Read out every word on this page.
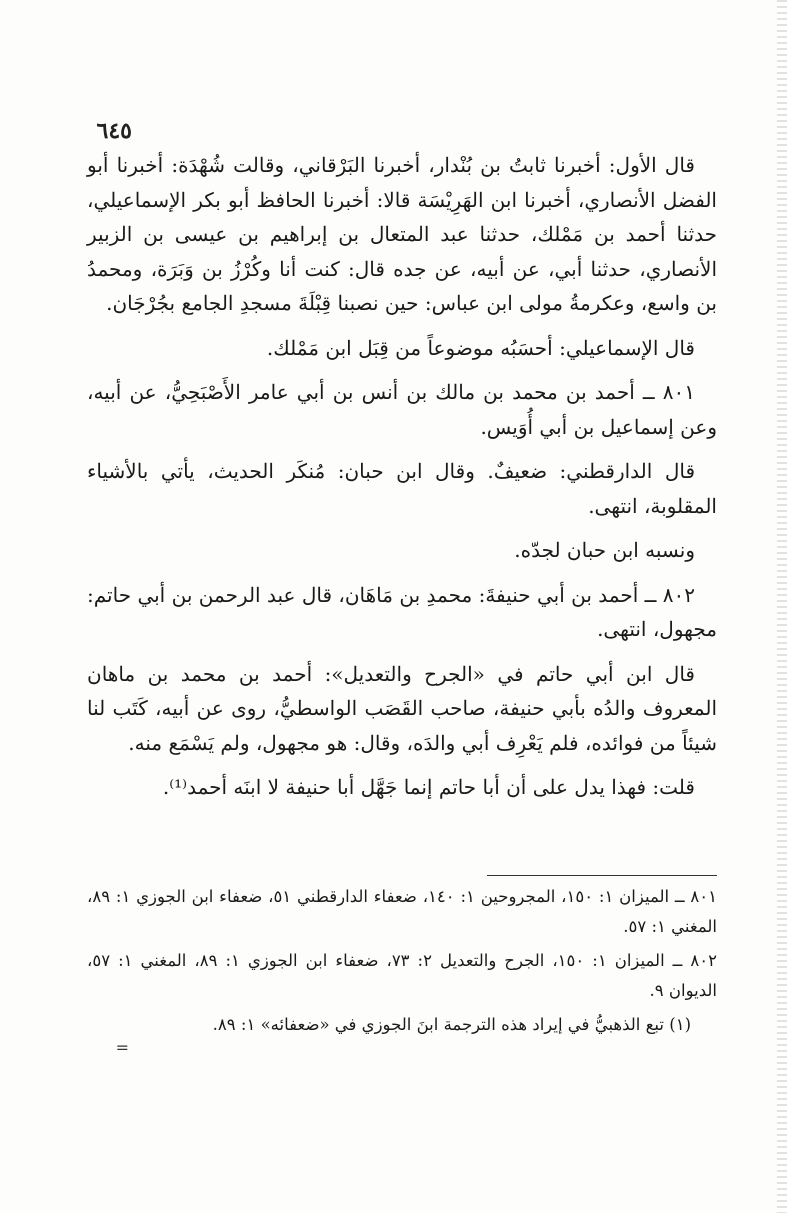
٦٤٥

قال الأول: أخبرنا ثابتُ بن بُنْدار، أخبرنا البَرْقاني، وقالت شُهْدَة: أخبرنا أبو الفضل الأنصاري، أخبرنا ابن الهَرِيْسَة قالا: أخبرنا الحافظ أبو بكر الإسماعيلي، حدثنا أحمد بن مَمْلك، حدثنا عبد المتعال بن إبراهيم بن عيسى بن الزبير الأنصاري، حدثنا أبي، عن أبيه، عن جده قال: كنت أنا وكُرْزُ بن وَبَرَة، ومحمدُ بن واسع، وعكرمةُ مولى ابن عباس: حين نصبنا قِبْلَةَ مسجدِ الجامع بجُرْجَان.

قال الإسماعيلي: أحسَبُه موضوعاً من قِبَل ابن مَمْلك.

٨٠١ ــ أحمد بن محمد بن مالك بن أنس بن أبي عامر الأَصْبَحِيُّ، عن أبيه، وعن إسماعيل بن أبي أُوَيس.

قال الدارقطني: ضعيفٌ. وقال ابن حبان: مُنكَر الحديث، يأتي بالأشياء المقلوبة، انتهى.

ونسبه ابن حبان لجدّه.

٨٠٢ ــ أحمد بن أبي حنيفةَ: محمدِ بن مَاهَان، قال عبد الرحمن بن أبي حاتم: مجهول، انتهى.

قال ابن أبي حاتم في «الجرح والتعديل»: أحمد بن محمد بن ماهان المعروف والدُه بأبي حنيفة، صاحب القَصَب الواسطيُّ، روى عن أبيه، كَتَب لنا شيئاً من فوائده، فلم يَعْرِف أبي والدَه، وقال: هو مجهول، ولم يَسْمَع منه.

قلت: فهذا يدل على أن أبا حاتم إنما جَهَّل أبا حنيفة لا ابنَه أحمد⁽¹⁾.

٨٠١ ــ الميزان ١: ١٥٠، المجروحين ١: ١٤٠، ضعفاء الدارقطني ٥١، ضعفاء ابن الجوزي ١: ٨٩، المغني ١: ٥٧.

٨٠٢ ــ الميزان ١: ١٥٠، الجرح والتعديل ٢: ٧٣، ضعفاء ابن الجوزي ١: ٨٩، المغني ١: ٥٧، الديوان ٩.

(١) تبع الذهبيُّ في إيراد هذه الترجمة ابنَ الجوزي في «ضعفائه» ١: ٨٩.

=
